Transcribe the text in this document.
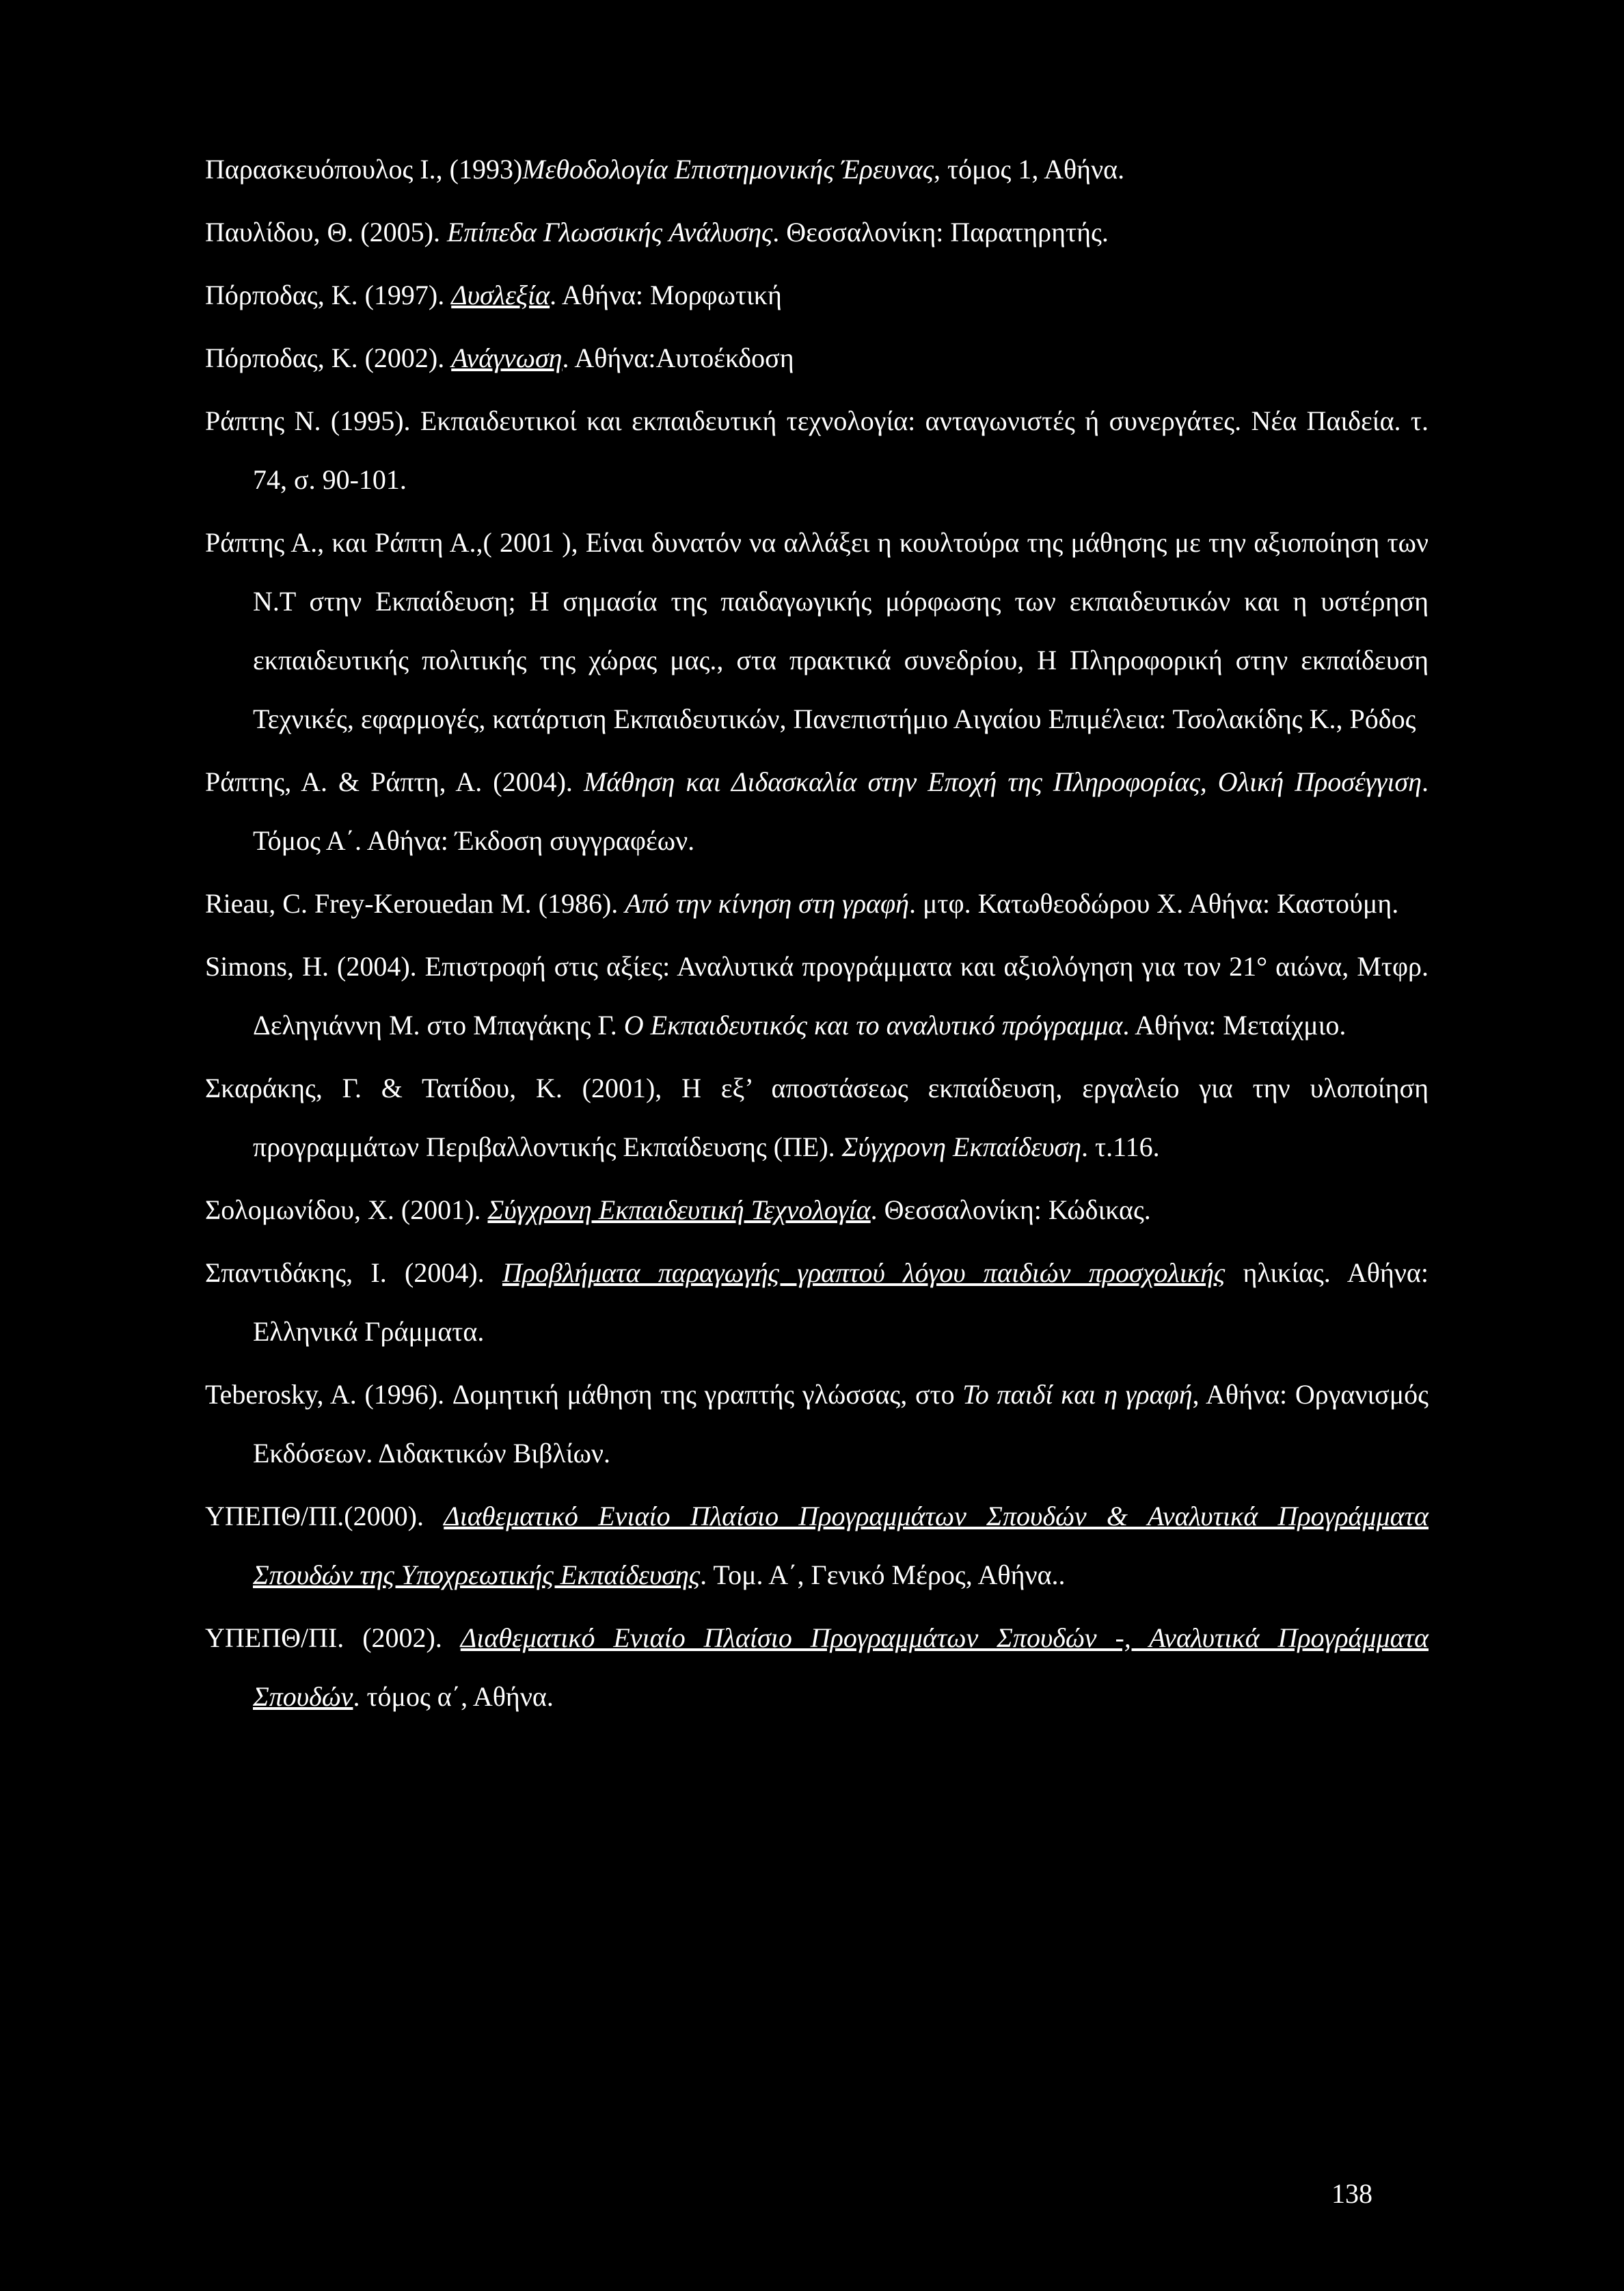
Παρασκευόπουλος Ι., (1993)Μεθοδολογία Επιστημονικής Έρευνας, τόμος 1, Αθήνα.
Παυλίδου, Θ. (2005). Επίπεδα Γλωσσικής Ανάλυσης. Θεσσαλονίκη: Παρατηρητής.
Πόρποδας, Κ. (1997). Δυσλεξία. Αθήνα: Μορφωτική
Πόρποδας, Κ. (2002). Ανάγνωση. Αθήνα:Αυτοέκδοση
Ράπτης Ν. (1995). Εκπαιδευτικοί και εκπαιδευτική τεχνολογία: ανταγωνιστές ή συνεργάτες. Νέα Παιδεία. τ. 74, σ. 90-101.
Ράπτης Α., και Ράπτη Α.,( 2001 ), Είναι δυνατόν να αλλάξει η κουλτούρα της μάθησης με την αξιοποίηση των Ν.Τ στην Εκπαίδευση; Η σημασία της παιδαγωγικής μόρφωσης των εκπαιδευτικών και η υστέρηση εκπαιδευτικής πολιτικής της χώρας μας., στα πρακτικά συνεδρίου, Η Πληροφορική στην εκπαίδευση Τεχνικές, εφαρμογές, κατάρτιση Εκπαιδευτικών, Πανεπιστήμιο Αιγαίου Επιμέλεια: Τσολακίδης Κ., Ρόδος
Ράπτης, Α. & Ράπτη, Α. (2004). Μάθηση και Διδασκαλία στην Εποχή της Πληροφορίας, Ολική Προσέγγιση. Τόμος Α΄. Αθήνα: Έκδοση συγγραφέων.
Rieau, C. Frey-Kerouedan M. (1986). Από την κίνηση στη γραφή. μτφ. Κατωθεοδώρου Χ. Αθήνα: Καστούμη.
Simons, H. (2004). Επιστροφή στις αξίες: Αναλυτικά προγράμματα και αξιολόγηση για τον 21° αιώνα, Μτφρ. Δεληγιάννη Μ. στο Μπαγάκης Γ. Ο Εκπαιδευτικός και το αναλυτικό πρόγραμμα. Αθήνα: Μεταίχμιο.
Σκαράκης, Γ. & Τατίδου, Κ. (2001), Η εξ’ αποστάσεως εκπαίδευση, εργαλείο για την υλοποίηση προγραμμάτων Περιβαλλοντικής Εκπαίδευσης (ΠΕ). Σύγχρονη Εκπαίδευση. τ.116.
Σολομωνίδου, Χ. (2001). Σύγχρονη Εκπαιδευτική Τεχνολογία. Θεσσαλονίκη: Κώδικας.
Σπαντιδάκης, Ι. (2004). Προβλήματα παραγωγής γραπτού λόγου παιδιών προσχολικής ηλικίας. Αθήνα: Ελληνικά Γράμματα.
Teberosky, A. (1996). Δομητική μάθηση της γραπτής γλώσσας, στο Το παιδί και η γραφή, Αθήνα: Οργανισμός Εκδόσεων. Διδακτικών Βιβλίων.
ΥΠΕΠΘ/ΠΙ.(2000). Διαθεματικό Ενιαίο Πλαίσιο Προγραμμάτων Σπουδών & Αναλυτικά Προγράμματα Σπουδών της Υποχρεωτικής Εκπαίδευσης. Τομ. Α΄, Γενικό Μέρος, Αθήνα..
ΥΠΕΠΘ/ΠΙ. (2002). Διαθεματικό Ενιαίο Πλαίσιο Προγραμμάτων Σπουδών -, Αναλυτικά Προγράμματα Σπουδών. τόμος α΄, Αθήνα.
138
